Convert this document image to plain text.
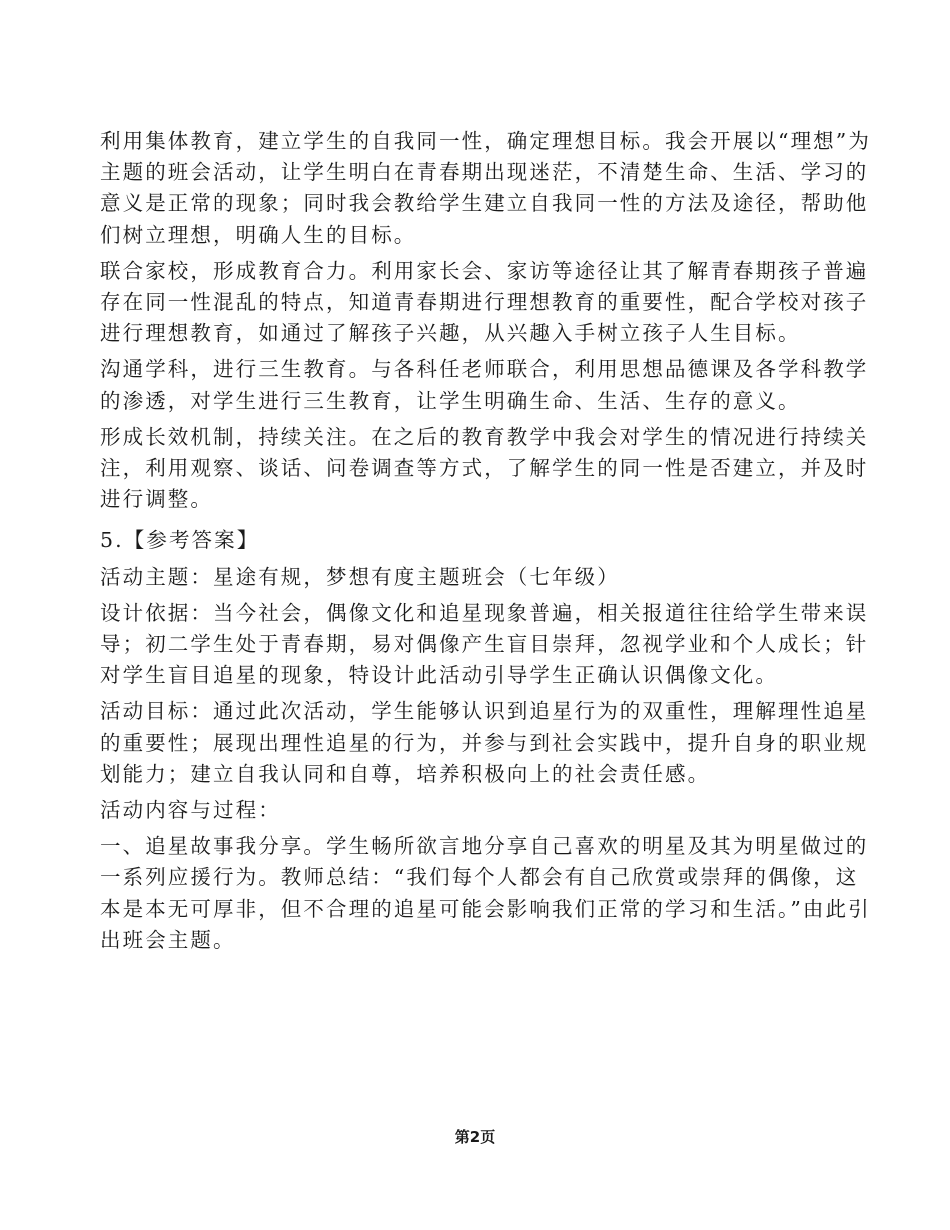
利用集体教育，建立学生的自我同一性，确定理想目标。我会开展以“理想”为主题的班会活动，让学生明白在青春期出现迷茫，不清楚生命、生活、学习的意义是正常的现象；同时我会教给学生建立自我同一性的方法及途径，帮助他们树立理想，明确人生的目标。

联合家校，形成教育合力。利用家长会、家访等途径让其了解青春期孩子普遍存在同一性混乱的特点，知道青春期进行理想教育的重要性，配合学校对孩子进行理想教育，如通过了解孩子兴趣，从兴趣入手树立孩子人生目标。

沟通学科，进行三生教育。与各科任老师联合，利用思想品德课及各学科教学的渗透，对学生进行三生教育，让学生明确生命、生活、生存的意义。

形成长效机制，持续关注。在之后的教育教学中我会对学生的情况进行持续关注，利用观察、谈话、问卷调查等方式，了解学生的同一性是否建立，并及时进行调整。

5.【参考答案】

活动主题：星途有规，梦想有度主题班会（七年级）

设计依据：当今社会，偶像文化和追星现象普遍，相关报道往往给学生带来误导；初二学生处于青春期，易对偶像产生盲目崇拜，忽视学业和个人成长；针对学生盲目追星的现象，特设计此活动引导学生正确认识偶像文化。

活动目标：通过此次活动，学生能够认识到追星行为的双重性，理解理性追星的重要性；展现出理性追星的行为，并参与到社会实践中，提升自身的职业规划能力；建立自我认同和自尊，培养积极向上的社会责任感。

活动内容与过程：

一、追星故事我分享。学生畅所欲言地分享自己喜欢的明星及其为明星做过的一系列应援行为。教师总结：“我们每个人都会有自己欣赏或崇拜的偶像，这本是本无可厚非，但不合理的追星可能会影响我们正常的学习和生活。”由此引出班会主题。

第2页
